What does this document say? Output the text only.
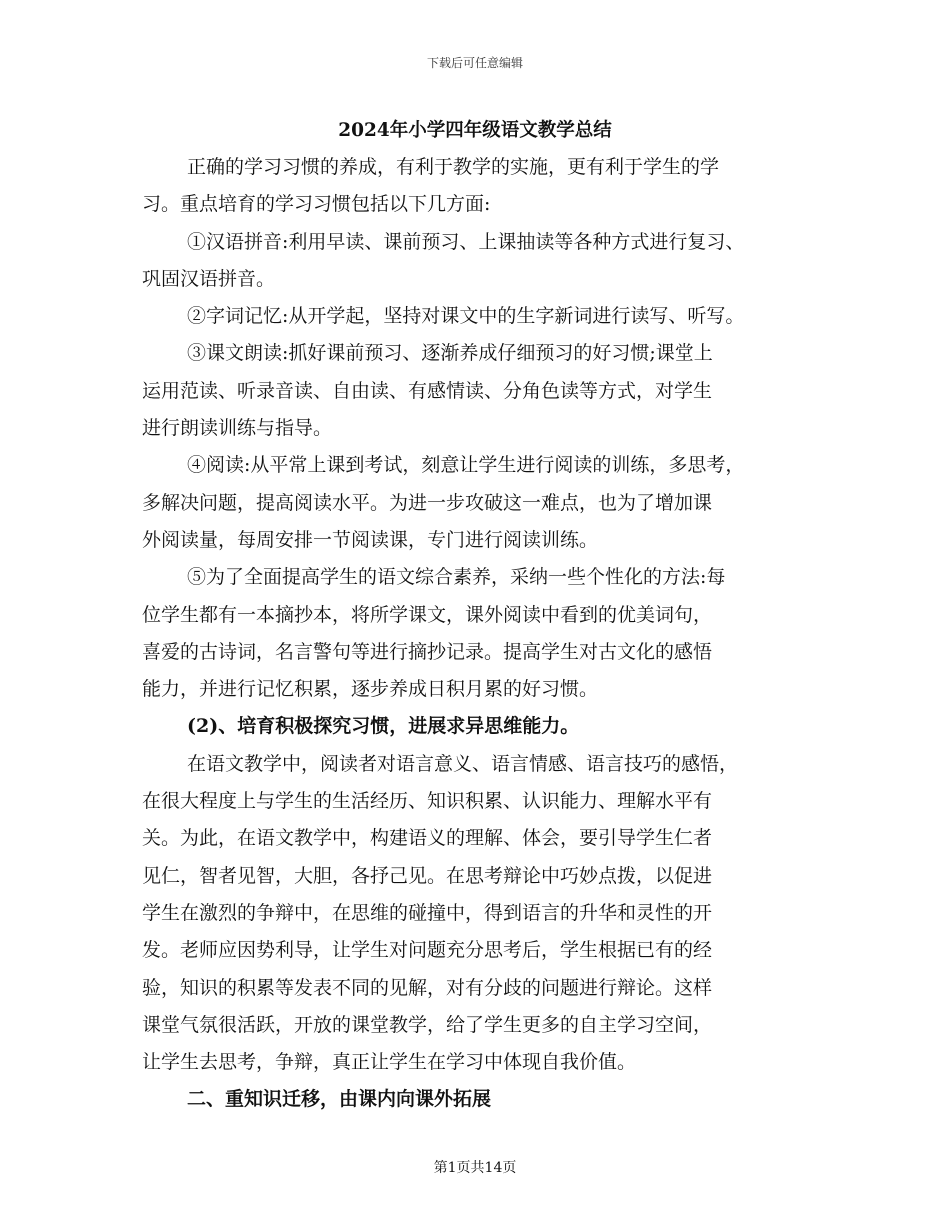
下载后可任意编辑
2024年小学四年级语文教学总结
正确的学习习惯的养成，有利于教学的实施，更有利于学生的学
习。重点培育的学习习惯包括以下几方面:
①汉语拼音:利用早读、课前预习、上课抽读等各种方式进行复习、
巩固汉语拼音。
②字词记忆:从开学起，坚持对课文中的生字新词进行读写、听写。
③课文朗读:抓好课前预习、逐渐养成仔细预习的好习惯;课堂上
运用范读、听录音读、自由读、有感情读、分角色读等方式，对学生
进行朗读训练与指导。
④阅读:从平常上课到考试，刻意让学生进行阅读的训练，多思考，
多解决问题，提高阅读水平。为进一步攻破这一难点，也为了增加课
外阅读量，每周安排一节阅读课，专门进行阅读训练。
⑤为了全面提高学生的语文综合素养，采纳一些个性化的方法:每
位学生都有一本摘抄本，将所学课文，课外阅读中看到的优美词句，
喜爱的古诗词，名言警句等进行摘抄记录。提高学生对古文化的感悟
能力，并进行记忆积累，逐步养成日积月累的好习惯。
(2)、培育积极探究习惯，进展求异思维能力。
在语文教学中，阅读者对语言意义、语言情感、语言技巧的感悟，
在很大程度上与学生的生活经历、知识积累、认识能力、理解水平有
关。为此，在语文教学中，构建语义的理解、体会，要引导学生仁者
见仁，智者见智，大胆，各抒己见。在思考辩论中巧妙点拨，以促进
学生在激烈的争辩中，在思维的碰撞中，得到语言的升华和灵性的开
发。老师应因势利导，让学生对问题充分思考后，学生根据已有的经
验，知识的积累等发表不同的见解，对有分歧的问题进行辩论。这样
课堂气氛很活跃，开放的课堂教学，给了学生更多的自主学习空间，
让学生去思考，争辩，真正让学生在学习中体现自我价值。
二、重知识迁移，由课内向课外拓展
第1页共14页
